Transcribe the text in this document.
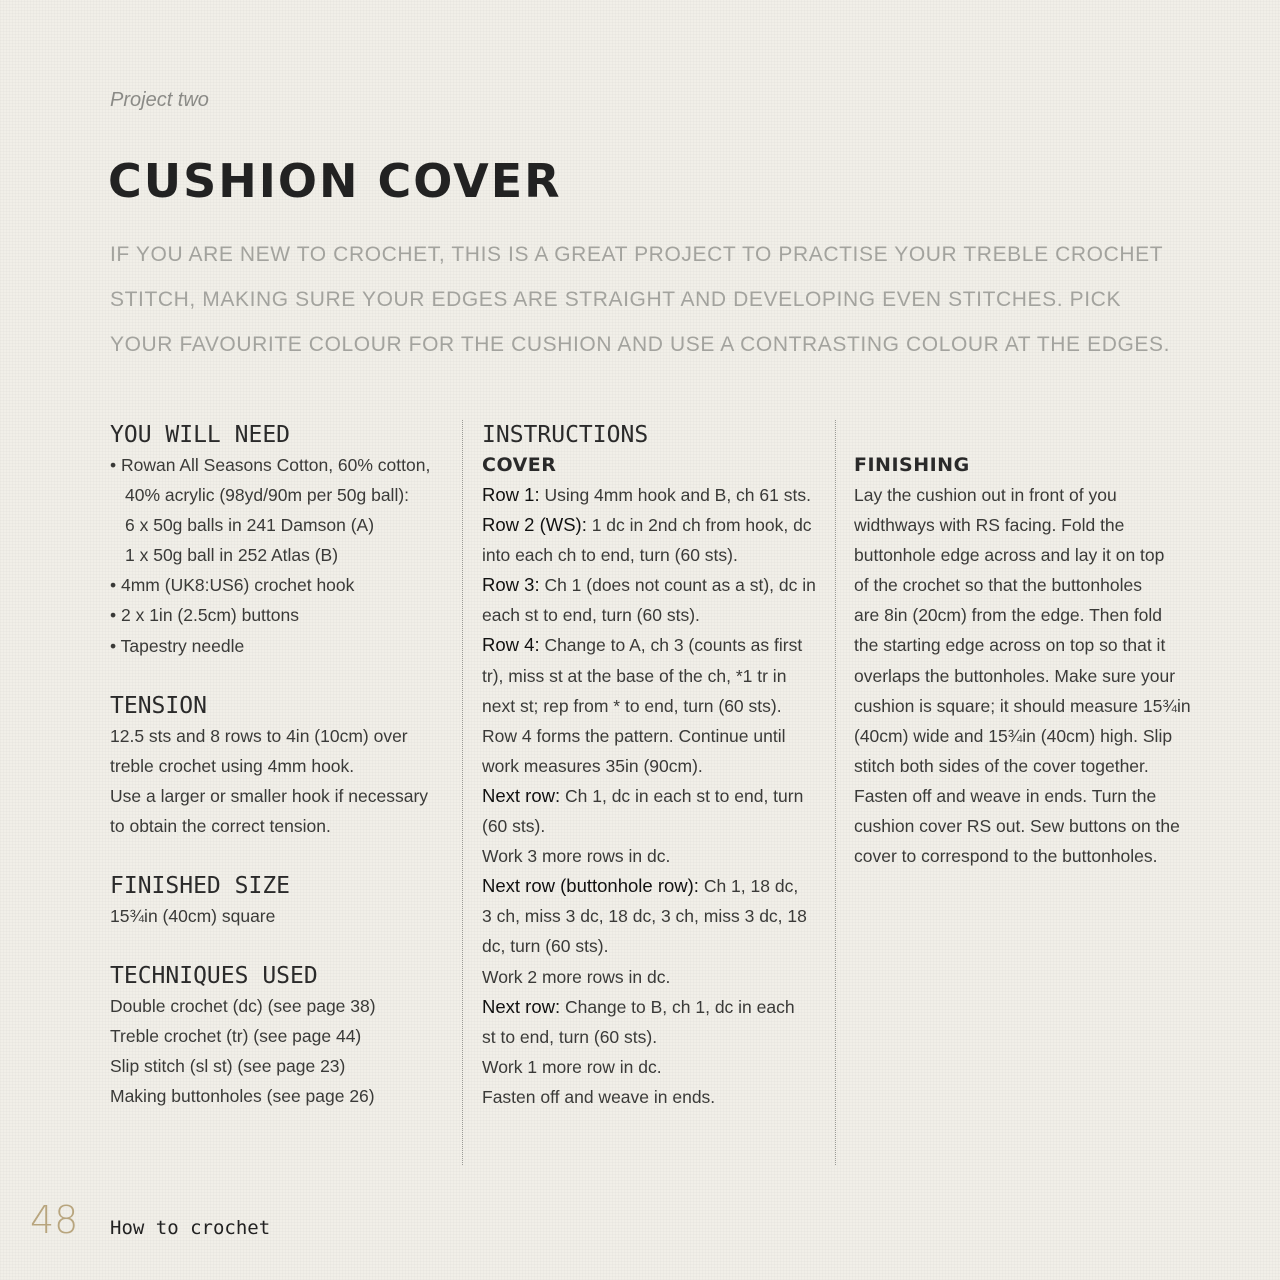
Project two
CUSHION COVER
IF YOU ARE NEW TO CROCHET, THIS IS A GREAT PROJECT TO PRACTISE YOUR TREBLE CROCHET
STITCH, MAKING SURE YOUR EDGES ARE STRAIGHT AND DEVELOPING EVEN STITCHES. PICK
YOUR FAVOURITE COLOUR FOR THE CUSHION AND USE A CONTRASTING COLOUR AT THE EDGES.
YOU WILL NEED
• Rowan All Seasons Cotton, 60% cotton,
40% acrylic (98yd/90m per 50g ball):
6 x 50g balls in 241 Damson (A)
1 x 50g ball in 252 Atlas (B)
• 4mm (UK8:US6) crochet hook
• 2 x 1in (2.5cm) buttons
• Tapestry needle
TENSION
12.5 sts and 8 rows to 4in (10cm) over
treble crochet using 4mm hook.
Use a larger or smaller hook if necessary
to obtain the correct tension.
FINISHED SIZE
15¾in (40cm) square
TECHNIQUES USED
Double crochet (dc) (see page 38)
Treble crochet (tr) (see page 44)
Slip stitch (sl st) (see page 23)
Making buttonholes (see page 26)
INSTRUCTIONS
COVER
Row 1: Using 4mm hook and B, ch 61 sts.
Row 2 (WS): 1 dc in 2nd ch from hook, dc
into each ch to end, turn (60 sts).
Row 3: Ch 1 (does not count as a st), dc in
each st to end, turn (60 sts).
Row 4: Change to A, ch 3 (counts as first
tr), miss st at the base of the ch, *1 tr in
next st; rep from * to end, turn (60 sts).
Row 4 forms the pattern. Continue until
work measures 35in (90cm).
Next row: Ch 1, dc in each st to end, turn
(60 sts).
Work 3 more rows in dc.
Next row (buttonhole row): Ch 1, 18 dc,
3 ch, miss 3 dc, 18 dc, 3 ch, miss 3 dc, 18
dc, turn (60 sts).
Work 2 more rows in dc.
Next row: Change to B, ch 1, dc in each
st to end, turn (60 sts).
Work 1 more row in dc.
Fasten off and weave in ends.
FINISHING
Lay the cushion out in front of you
widthways with RS facing. Fold the
buttonhole edge across and lay it on top
of the crochet so that the buttonholes
are 8in (20cm) from the edge. Then fold
the starting edge across on top so that it
overlaps the buttonholes. Make sure your
cushion is square; it should measure 15¾in
(40cm) wide and 15¾in (40cm) high. Slip
stitch both sides of the cover together.
Fasten off and weave in ends. Turn the
cushion cover RS out. Sew buttons on the
cover to correspond to the buttonholes.
48 How to crochet
